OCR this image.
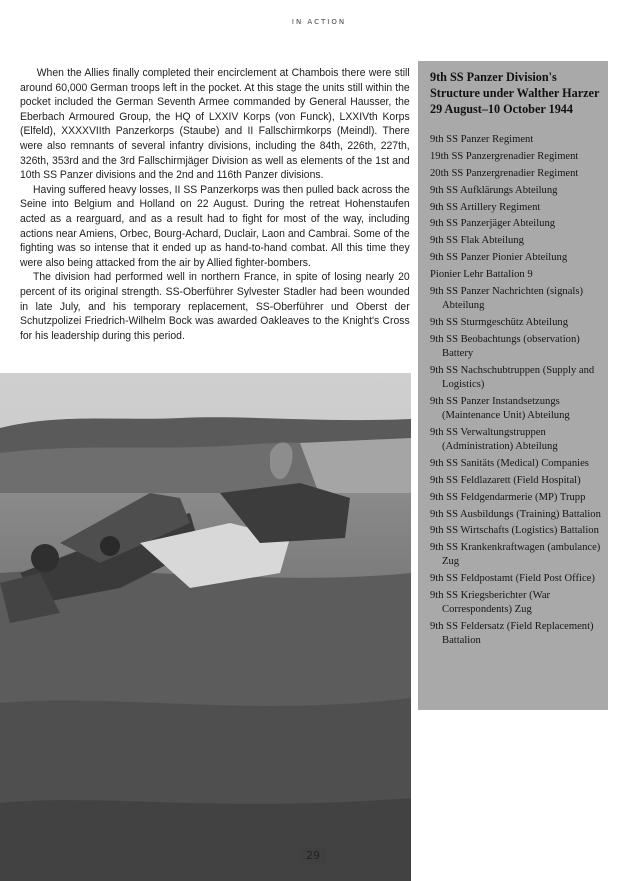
IN ACTION

When the Allies finally completed their encirclement at Chambois there were still around 60,000 German troops left in the pocket. At this stage the units still within the pocket included the German Seventh Armee commanded by General Hausser, the Eberbach Armoured Group, the HQ of LXXIV Korps (von Funck), LXXIVth Korps (Elfeld), XXXXVIIth Panzerkorps (Staube) and II Fallschirmkorps (Meindl). There were also remnants of several infantry divisions, including the 84th, 226th, 227th, 326th, 353rd and the 3rd Fallschirmjäger Division as well as elements of the 1st and 10th SS Panzer divisions and the 2nd and 116th Panzer divisions.

Having suffered heavy losses, II SS Panzerkorps was then pulled back across the Seine into Belgium and Holland on 22 August. During the retreat Hohenstaufen acted as a rearguard, and as a result had to fight for most of the way, including actions near Amiens, Orbec, Bourg-Achard, Duclair, Laon and Cambrai. Some of the fighting was so intense that it ended up as hand-to-hand combat. All this time they were also being attacked from the air by Allied fighter-bombers.

The division had performed well in northern France, in spite of losing nearly 20 percent of its original strength. SS-Oberführer Sylvester Stadler had been wounded in late July, and his temporary replacement, SS-Oberführer und Oberst der Schutzpolizei Friedrich-Wilhelm Bock was awarded Oakleaves to the Knight's Cross for his leadership during this period.

9th SS Panzer Division's Structure under Walther Harzer 29 August–10 October 1944
9th SS Panzer Regiment
19th SS Panzergrenadier Regiment
20th SS Panzergrenadier Regiment
9th SS Aufklärungs Abteilung
9th SS Artillery Regiment
9th SS Panzerjäger Abteilung
9th SS Flak Abteilung
9th SS Panzer Pionier Abteilung
Pionier Lehr Battalion 9
9th SS Panzer Nachrichten (signals) Abteilung
9th SS Sturmgeschütz Abteilung
9th SS Beobachtungs (observation) Battery
9th SS Nachschubtruppen (Supply and Logistics)
9th SS Panzer Instandsetzungs (Maintenance Unit) Abteilung
9th SS Verwaltungstruppen (Administration) Abteilung
9th SS Sanitäts (Medical) Companies
9th SS Feldlazarett (Field Hospital)
9th SS Feldgendarmerie (MP) Trupp
9th SS Ausbildungs (Training) Battalion
9th SS Wirtschafts (Logistics) Battalion
9th SS Krankenkraftwagen (ambulance) Zug
9th SS Feldpostamt (Field Post Office)
9th SS Kriegsberichter (War Correspondents) Zug
9th SS Feldersatz (Field Replacement) Battalion
29
